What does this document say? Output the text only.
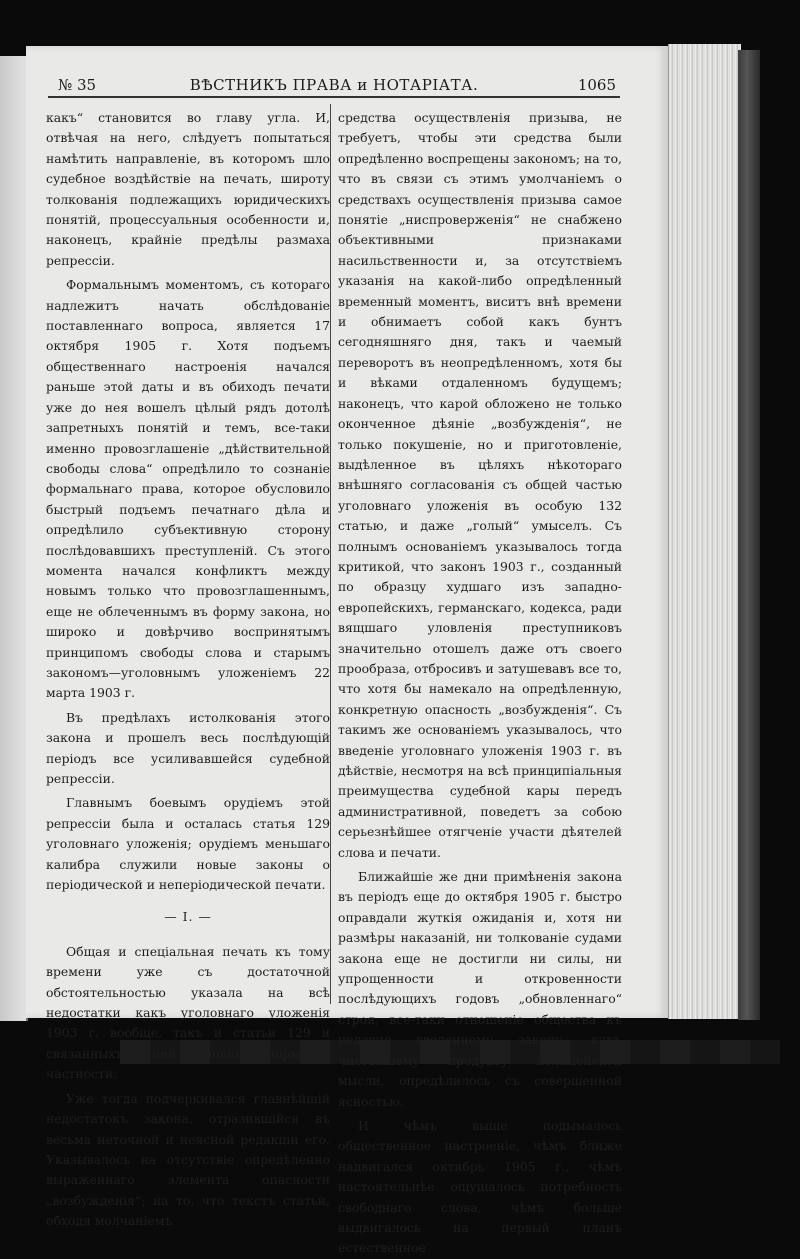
№ 35	ВѢСТНИКЪ ПРАВА и НОТАРІАТА.	1065

какъ“ становится во главу угла. И, отвѣчая на него, слѣдуетъ попытаться намѣтить направленіе, въ которомъ шло судебное воздѣйствіе на печать, широту толкованія подлежащихъ юридическихъ понятій, процессуальныя особенности и, наконецъ, крайніе предѣлы размаха репрессіи.

Формальнымъ моментомъ, съ котораго надлежитъ начать обслѣдованіе поставленнаго вопроса, является 17 октября 1905 г. Хотя подъемъ общественнаго настроенія начался раньше этой даты и въ обиходъ печати уже до нея вошелъ цѣлый рядъ дотолѣ запретныхъ понятій и темъ, все-таки именно провозглашеніе „дѣйствительной свободы слова“ опредѣлило то сознаніе формальнаго права, которое обусловило быстрый подъемъ печатнаго дѣла и опредѣлило субъективную сторону послѣдовавшихъ преступленій. Съ этого момента начался конфликтъ между новымъ только что провозглашеннымъ, еще не облеченнымъ въ форму закона, но широко и довѣрчиво воспринятымъ принципомъ свободы слова и старымъ закономъ—уголовнымъ уложеніемъ 22 марта 1903 г.

Въ предѣлахъ истолкованія этого закона и прошелъ весь послѣдующій періодъ все усиливавшейся судебной репрессіи.

Главнымъ боевымъ орудіемъ этой репрессіи была и осталась статья 129 уголовнаго уложенія; орудіемъ меньшаго калибра служили новые законы о періодической и неперіодической печати.

— I. —

Общая и спеціальная печать къ тому времени уже съ достаточной обстоятельностью указала на всѣ недостатки какъ уголовнаго уложенія 1903 г. вообще, такъ и статьи 129 и связанныхъ съ ней уголовныхъ нормъ въ частности.

Уже тогда подчеркивался главнѣйшій недостатокъ закона, отразившійся въ весьма неточной и неясной редакціи его. Указывалось на отсутствіе опредѣленно выраженнаго элемента опасности „возбужденія“; на то, что текстъ статьи, обходя молчаніемъ

средства осуществленія призыва, не требуетъ, чтобы эти средства были опредѣленно воспрещены закономъ; на то, что въ связи съ этимъ умолчаніемъ о средствахъ осуществленія призыва самое понятіе „ниспроверженія“ не снабжено объективными признаками насильственности и, за отсутствіемъ указанія на какой-либо опредѣленный временный моментъ, виситъ внѣ времени и обнимаетъ собой какъ бунтъ сегодняшняго дня, такъ и чаемый переворотъ въ неопредѣленномъ, хотя бы и вѣками отдаленномъ будущемъ; наконецъ, что карой обложено не только оконченное дѣяніе „возбужденія“, не только покушеніе, но и приготовленіе, выдѣленное въ цѣляхъ нѣкотораго внѣшняго согласованія съ общей частью уголовнаго уложенія въ особую 132 статью, и даже „голый“ умыселъ. Съ полнымъ основаніемъ указывалось тогда критикой, что законъ 1903 г., созданный по образцу худшаго изъ западно-европейскихъ, германскаго, кодекса, ради вящшаго уловленія преступниковъ значительно отошелъ даже отъ своего прообраза, отбросивъ и затушевавъ все то, что хотя бы намекало на опредѣленную, конкретную опасность „возбужденія“. Съ такимъ же основаніемъ указывалось, что введеніе уголовнаго уложенія 1903 г. въ дѣйствіе, несмотря на всѣ принципіальныя преимущества судебной кары передъ административной, поведетъ за собою серьезнѣйшее отягченіе участи дѣятелей слова и печати.

Ближайшіе же дни примѣненія закона въ періодъ еще до октября 1905 г. быстро оправдали жуткія ожиданія и, хотя ни размѣры наказаній, ни толкованіе судами закона еще не достигли ни силы, ни упрощенности и откровенности послѣдующихъ годовъ „обновленнаго“ строя, все-таки отношеніе общества къ недавно введенному закону, какъ чистѣйшему продукту полицейской мысли, опредѣлилось съ совершенной ясностью.

И чѣмъ выше подымалось общественное настроеніе, чѣмъ ближе надвигался октябрь 1905 г., чѣмъ настоятельнѣе ощущалось потребность свободнаго слова, чѣмъ больше выдвигалось на первый планъ естественное
